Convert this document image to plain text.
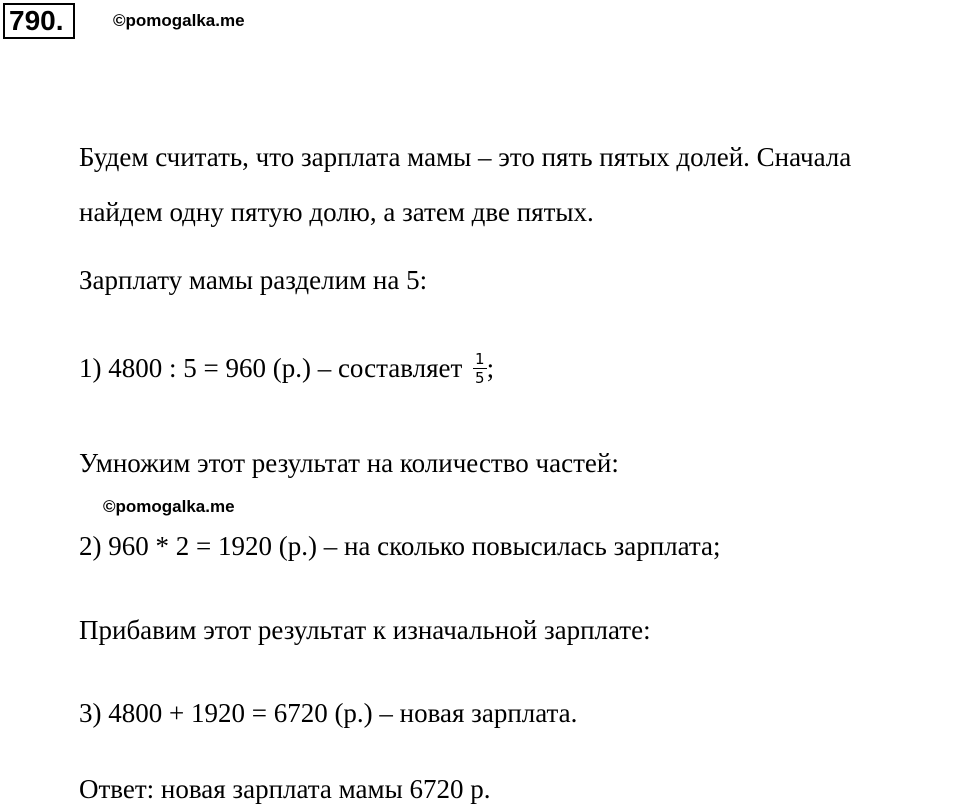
790.	©pomogalka.me
Будем считать, что зарплата мамы – это пять пятых долей. Сначала
найдем одну пятую долю, а затем две пятых.
Зарплату мамы разделим на 5:
1) 4800 : 5 = 960 (р.) – составляет $\frac{1}{5}$ ;
Умножим этот результат на количество частей:
©pomogalka.me
2) 960 * 2 = 1920 (р.) – на сколько повысилась зарплата;
Прибавим этот результат к изначальной зарплате:
3) 4800 + 1920 = 6720 (р.) – новая зарплата.
Ответ: новая зарплата мамы 6720 р.
